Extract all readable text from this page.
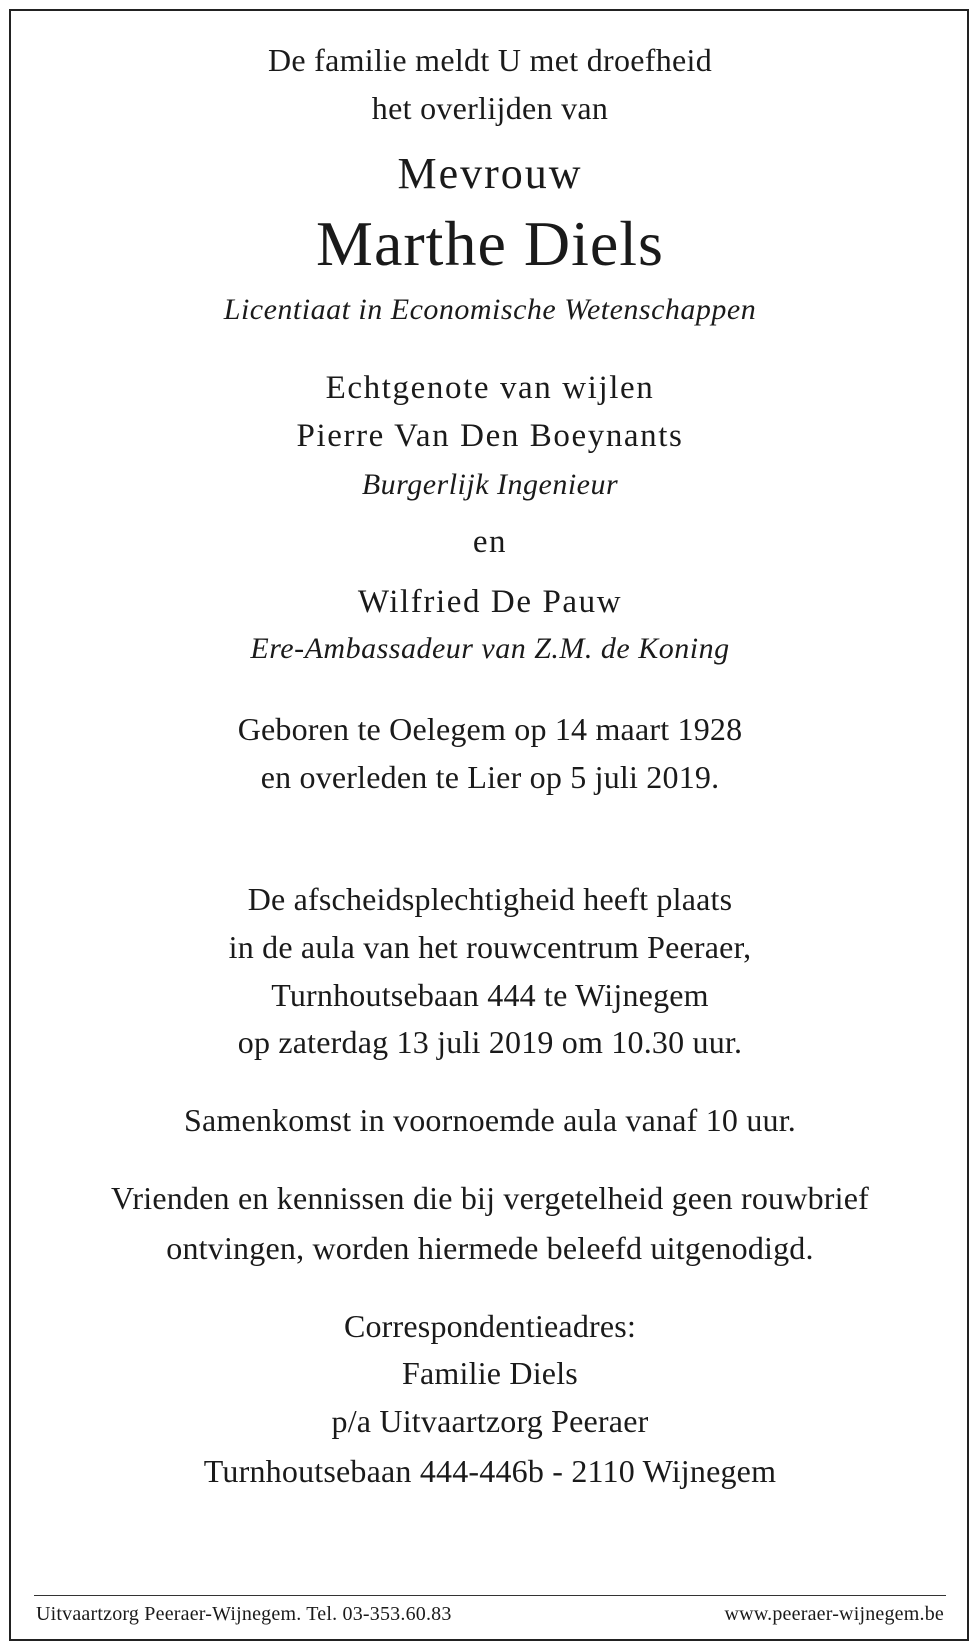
De familie meldt U met droefheid
het overlijden van
Mevrouw
Marthe Diels
Licentiaat in Economische Wetenschappen
Echtgenote van wijlen
Pierre Van Den Boeynants
Burgerlijk Ingenieur
en
Wilfried De Pauw
Ere-Ambassadeur van Z.M. de Koning
Geboren te Oelegem op 14 maart 1928
en overleden te Lier op 5 juli 2019.
De afscheidsplechtigheid heeft plaats
in de aula van het rouwcentrum Peeraer,
Turnhoutsebaan 444 te Wijnegem
op zaterdag 13 juli 2019 om 10.30 uur.
Samenkomst in voornoemde aula vanaf 10 uur.
Vrienden en kennissen die bij vergetelheid geen rouwbrief
ontvingen, worden hiermede beleefd uitgenodigd.
Correspondentieadres:
Familie Diels
p/a Uitvaartzorg Peeraer
Turnhoutsebaan 444-446b - 2110 Wijnegem
Uitvaartzorg Peeraer-Wijnegem. Tel. 03-353.60.83	www.peeraer-wijnegem.be
